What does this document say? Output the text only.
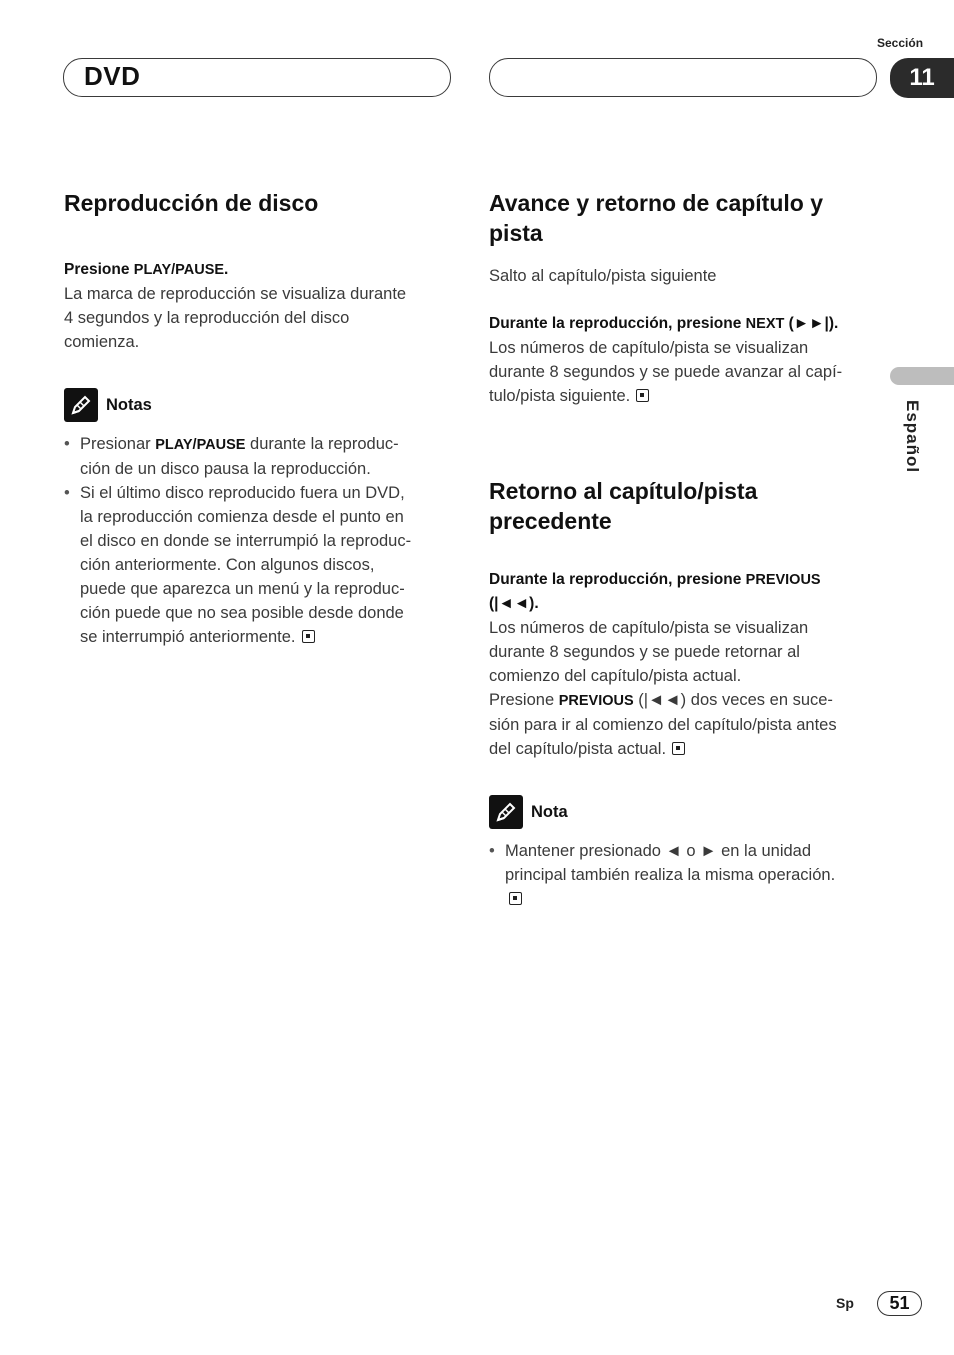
DVD
Sección
11
Español
Reproducción de disco
Presione PLAY/PAUSE.
La marca de reproducción se visualiza durante
4 segundos y la reproducción del disco
comienza.
Notas
• Presionar PLAY/PAUSE durante la reproduc-
ción de un disco pausa la reproducción.
• Si el último disco reproducido fuera un DVD,
la reproducción comienza desde el punto en
el disco en donde se interrumpió la reproduc-
ción anteriormente. Con algunos discos,
puede que aparezca un menú y la reproduc-
ción puede que no sea posible desde donde
se interrumpió anteriormente.
Avance y retorno de capítulo y
pista
Salto al capítulo/pista siguiente
Durante la reproducción, presione NEXT (►►|).
Los números de capítulo/pista se visualizan
durante 8 segundos y se puede avanzar al capí-
tulo/pista siguiente.
Retorno al capítulo/pista
precedente
Durante la reproducción, presione PREVIOUS
(|◄◄).
Los números de capítulo/pista se visualizan
durante 8 segundos y se puede retornar al
comienzo del capítulo/pista actual.
Presione PREVIOUS (|◄◄) dos veces en suce-
sión para ir al comienzo del capítulo/pista antes
del capítulo/pista actual.
Nota
• Mantener presionado ◄ o ► en la unidad
principal también realiza la misma operación.

Sp	51
